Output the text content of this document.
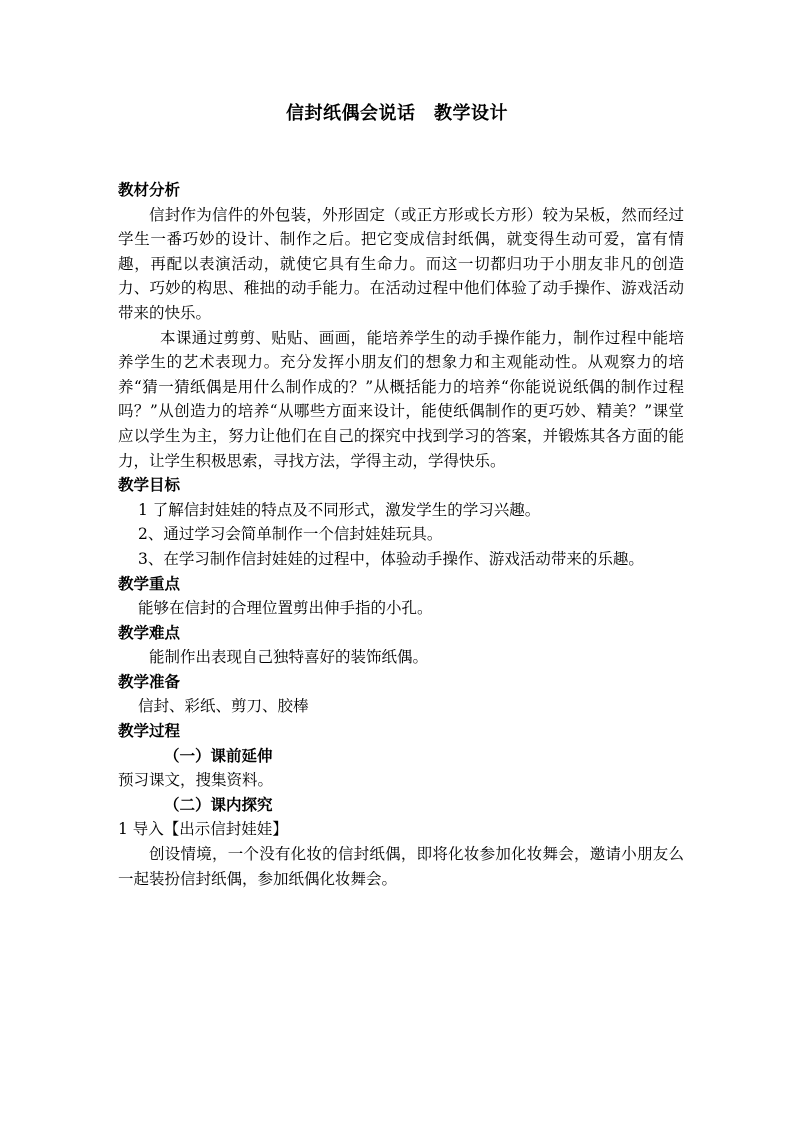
信封纸偶会说话　教学设计

教材分析

信封作为信件的外包装，外形固定（或正方形或长方形）较为呆板，然而经过学生一番巧妙的设计、制作之后。把它变成信封纸偶，就变得生动可爱，富有情趣，再配以表演活动，就使它具有生命力。而这一切都归功于小朋友非凡的创造力、巧妙的构思、稚拙的动手能力。在活动过程中他们体验了动手操作、游戏活动带来的快乐。

本课通过剪剪、贴贴、画画，能培养学生的动手操作能力，制作过程中能培养学生的艺术表现力。充分发挥小朋友们的想象力和主观能动性。从观察力的培养“猜一猜纸偶是用什么制作成的？”从概括能力的培养“你能说说纸偶的制作过程吗？”从创造力的培养“从哪些方面来设计，能使纸偶制作的更巧妙、精美？”课堂应以学生为主，努力让他们在自己的探究中找到学习的答案，并锻炼其各方面的能力，让学生积极思索，寻找方法，学得主动，学得快乐。

教学目标

1 了解信封娃娃的特点及不同形式，激发学生的学习兴趣。

2、通过学习会简单制作一个信封娃娃玩具。

3、在学习制作信封娃娃的过程中，体验动手操作、游戏活动带来的乐趣。

教学重点

能够在信封的合理位置剪出伸手指的小孔。

教学难点

能制作出表现自己独特喜好的装饰纸偶。

教学准备

信封、彩纸、剪刀、胶棒

教学过程

（一）课前延伸

预习课文，搜集资料。

（二）课内探究

1 导入【出示信封娃娃】

创设情境，一个没有化妆的信封纸偶，即将化妆参加化妆舞会，邀请小朋友么一起装扮信封纸偶，参加纸偶化妆舞会。
